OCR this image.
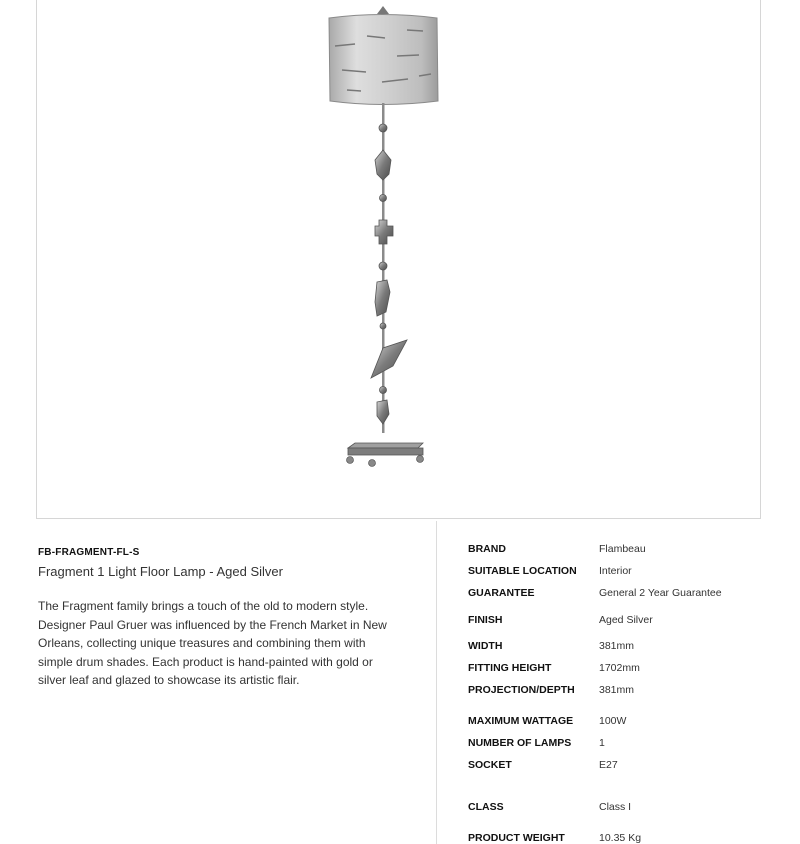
FB-FRAGMENT-FL-S
Fragment 1 Light Floor Lamp - Aged Silver
The Fragment family brings a touch of the old to modern style. Designer Paul Gruer was influenced by the French Market in New Orleans, collecting unique treasures and combining them with simple drum shades. Each product is hand-painted with gold or silver leaf and glazed to showcase its artistic flair.
BRAND	Flambeau
SUITABLE LOCATION Interior
GUARANTEE	General 2 Year Guarantee
FINISH	Aged Silver
WIDTH	381mm
FITTING HEIGHT	1702mm
PROJECTION/DEPTH 381mm
MAXIMUM WATTAGE 100W
NUMBER OF LAMPS	1
SOCKET	E27
CLASS	Class I
PRODUCT WEIGHT	10.35 Kg
